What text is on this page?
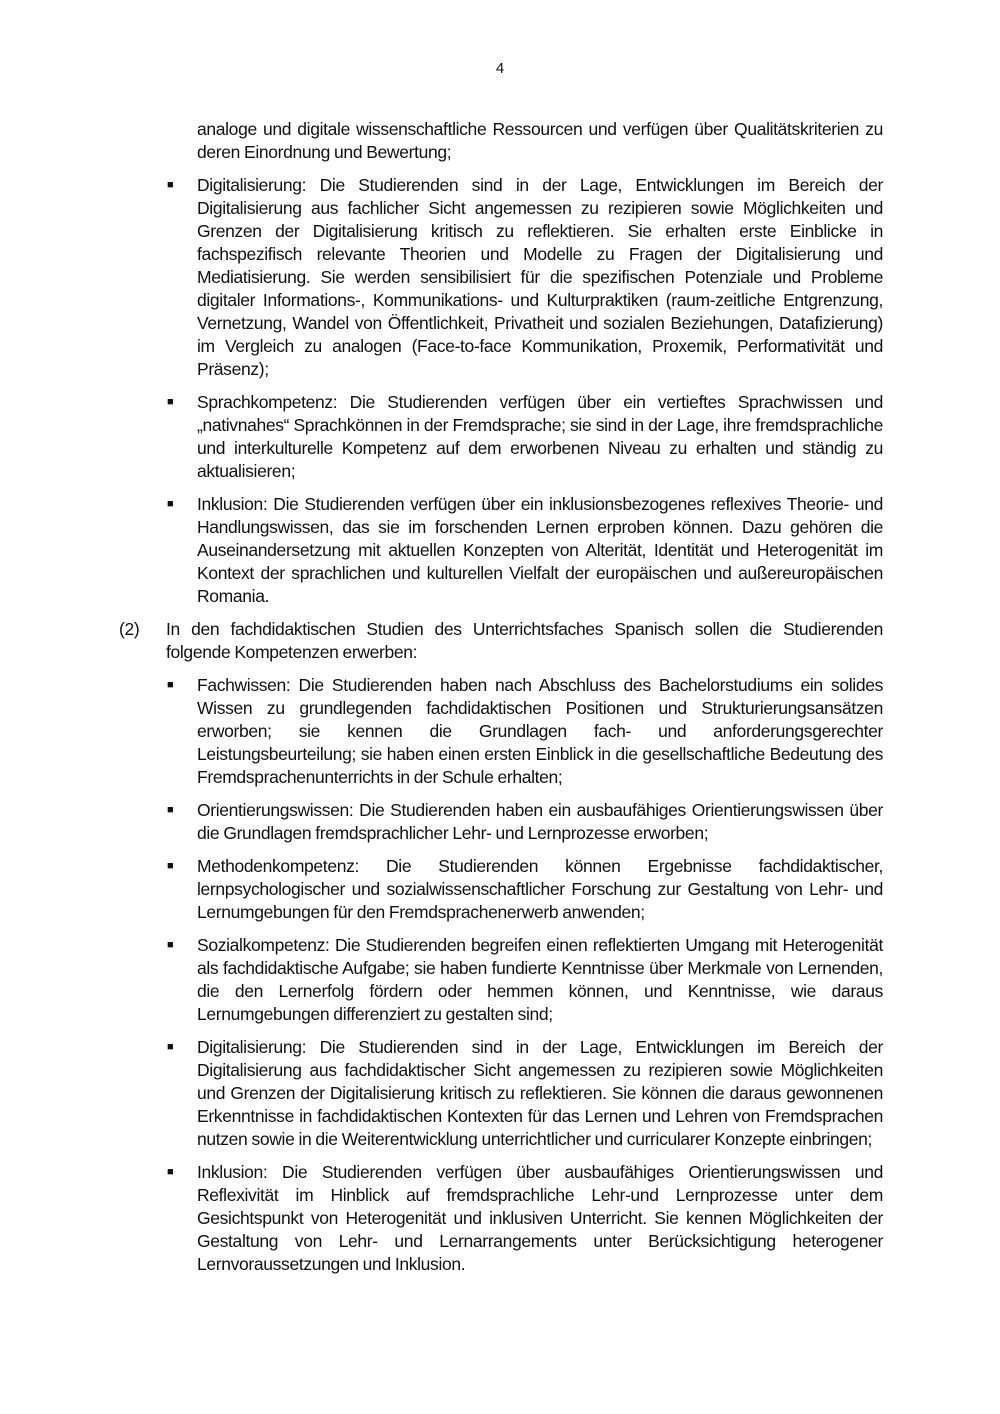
4
analoge und digitale wissenschaftliche Ressourcen und verfügen über Qualitätskriterien zu deren Einordnung und Bewertung;
■ Digitalisierung: Die Studierenden sind in der Lage, Entwicklungen im Bereich der Digitalisierung aus fachlicher Sicht angemessen zu rezipieren sowie Möglichkeiten und Grenzen der Digitalisierung kritisch zu reflektieren. Sie erhalten erste Einblicke in fachspezifisch relevante Theorien und Modelle zu Fragen der Digitalisierung und Mediatisierung. Sie werden sensibilisiert für die spezifischen Potenziale und Probleme digitaler Informations-, Kommunikations- und Kulturpraktiken (raum-zeitliche Entgrenzung, Vernetzung, Wandel von Öffentlichkeit, Privatheit und sozialen Beziehungen, Datafizierung) im Vergleich zu analogen (Face-to-face Kommunikation, Proxemik, Performativität und Präsenz);
■ Sprachkompetenz: Die Studierenden verfügen über ein vertieftes Sprachwissen und „nativnahes“ Sprachkönnen in der Fremdsprache; sie sind in der Lage, ihre fremdsprachliche und interkulturelle Kompetenz auf dem erworbenen Niveau zu erhalten und ständig zu aktualisieren;
■ Inklusion: Die Studierenden verfügen über ein inklusionsbezogenes reflexives Theorie- und Handlungswissen, das sie im forschenden Lernen erproben können. Dazu gehören die Auseinandersetzung mit aktuellen Konzepten von Alterität, Identität und Heterogenität im Kontext der sprachlichen und kulturellen Vielfalt der europäischen und außereuropäischen Romania.
(2) In den fachdidaktischen Studien des Unterrichtsfaches Spanisch sollen die Studierenden folgende Kompetenzen erwerben:
■ Fachwissen: Die Studierenden haben nach Abschluss des Bachelorstudiums ein solides Wissen zu grundlegenden fachdidaktischen Positionen und Strukturierungsansätzen erworben; sie kennen die Grundlagen fach- und anforderungsgerechter Leistungsbeurteilung; sie haben einen ersten Einblick in die gesellschaftliche Bedeutung des Fremdsprachenunterrichts in der Schule erhalten;
■ Orientierungswissen: Die Studierenden haben ein ausbaufähiges Orientierungswissen über die Grundlagen fremdsprachlicher Lehr- und Lernprozesse erworben;
■ Methodenkompetenz: Die Studierenden können Ergebnisse fachdidaktischer, lernpsychologischer und sozialwissenschaftlicher Forschung zur Gestaltung von Lehr- und Lernumgebungen für den Fremdsprachenerwerb anwenden;
■ Sozialkompetenz: Die Studierenden begreifen einen reflektierten Umgang mit Heterogenität als fachdidaktische Aufgabe; sie haben fundierte Kenntnisse über Merkmale von Lernenden, die den Lernerfolg fördern oder hemmen können, und Kenntnisse, wie daraus Lernumgebungen differenziert zu gestalten sind;
■ Digitalisierung: Die Studierenden sind in der Lage, Entwicklungen im Bereich der Digitalisierung aus fachdidaktischer Sicht angemessen zu rezipieren sowie Möglichkeiten und Grenzen der Digitalisierung kritisch zu reflektieren. Sie können die daraus gewonnenen Erkenntnisse in fachdidaktischen Kontexten für das Lernen und Lehren von Fremdsprachen nutzen sowie in die Weiterentwicklung unterrichtlicher und curricularer Konzepte einbringen;
■ Inklusion: Die Studierenden verfügen über ausbaufähiges Orientierungswissen und Reflexivität im Hinblick auf fremdsprachliche Lehr-und Lernprozesse unter dem Gesichtspunkt von Heterogenität und inklusiven Unterricht. Sie kennen Möglichkeiten der Gestaltung von Lehr- und Lernarrangements unter Berücksichtigung heterogener Lernvoraussetzungen und Inklusion.
